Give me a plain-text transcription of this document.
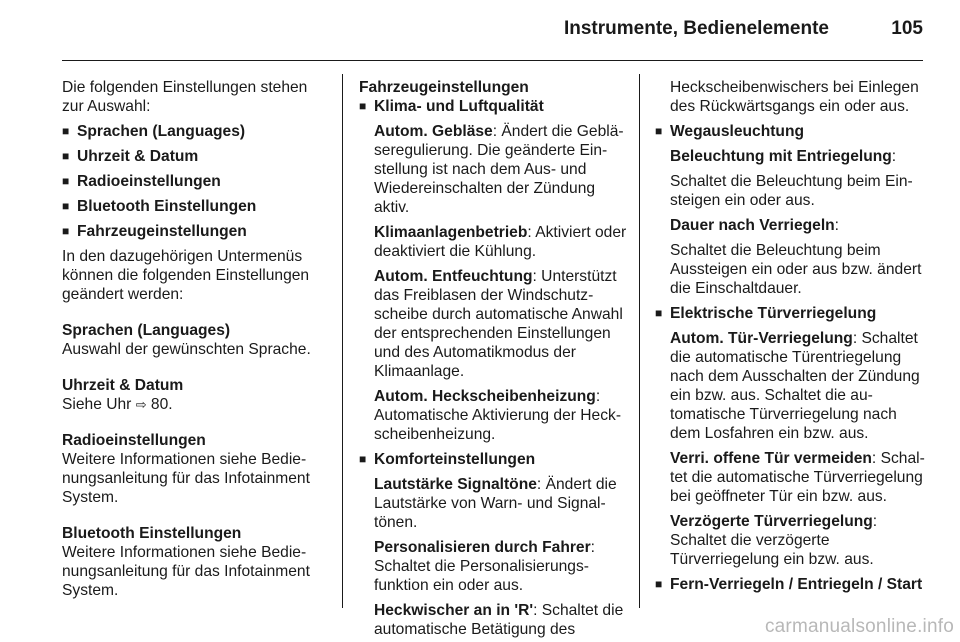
Instrumente, Bedienelemente	105

Die folgenden Einstellungen stehen zur Auswahl:

■ Sprachen (Languages)

■ Uhrzeit & Datum

■ Radioeinstellungen

■ Bluetooth Einstellungen

■ Fahrzeugeinstellungen

In den dazugehörigen Untermenüs können die folgenden Einstellungen geändert werden:

Sprachen (Languages)

Auswahl der gewünschten Sprache.

Uhrzeit & Datum

Siehe Uhr ⇨ 80.

Radioeinstellungen

Weitere Informationen siehe Bedienungsanleitung für das Infotainment System.

Bluetooth Einstellungen

Weitere Informationen siehe Bedienungsanleitung für das Infotainment System.

Fahrzeugeinstellungen

■ Klima- und Luftqualität

Autom. Gebläse: Ändert die Gebläseregulierung. Die geänderte Einstellung ist nach dem Aus- und Wiedereinschalten der Zündung aktiv.

Klimaanlagenbetrieb: Aktiviert oder deaktiviert die Kühlung.

Autom. Entfeuchtung: Unterstützt das Freiblasen der Windschutzscheibe durch automatische Anwahl der entsprechenden Einstellungen und des Automatikmodus der Klimaanlage.

Autom. Heckscheibenheizung: Automatische Aktivierung der Heckscheibenheizung.

■ Komforteinstellungen

Lautstärke Signaltöne: Ändert die Lautstärke von Warn- und Signaltönen.

Personalisieren durch Fahrer: Schaltet die Personalisierungsfunktion ein oder aus.

Heckwischer an in 'R': Schaltet die automatische Betätigung des

Heckscheibenwischers bei Einlegen des Rückwärtsgangs ein oder aus.

■ Wegausleuchtung

Beleuchtung mit Entriegelung:

Schaltet die Beleuchtung beim Einsteigen ein oder aus.

Dauer nach Verriegeln:

Schaltet die Beleuchtung beim Aussteigen ein oder aus bzw. ändert die Einschaltdauer.

■ Elektrische Türverriegelung

Autom. Tür-Verriegelung: Schaltet die automatische Türentriegelung nach dem Ausschalten der Zündung ein bzw. aus. Schaltet die automatische Türverriegelung nach dem Losfahren ein bzw. aus.

Verri. offene Tür vermeiden: Schaltet die automatische Türverriegelung bei geöffneter Tür ein bzw. aus.

Verzögerte Türverriegelung: Schaltet die verzögerte Türverriegelung ein bzw. aus.

■ Fern-Verriegeln / Entriegeln / Start

carmanualsonline.info
